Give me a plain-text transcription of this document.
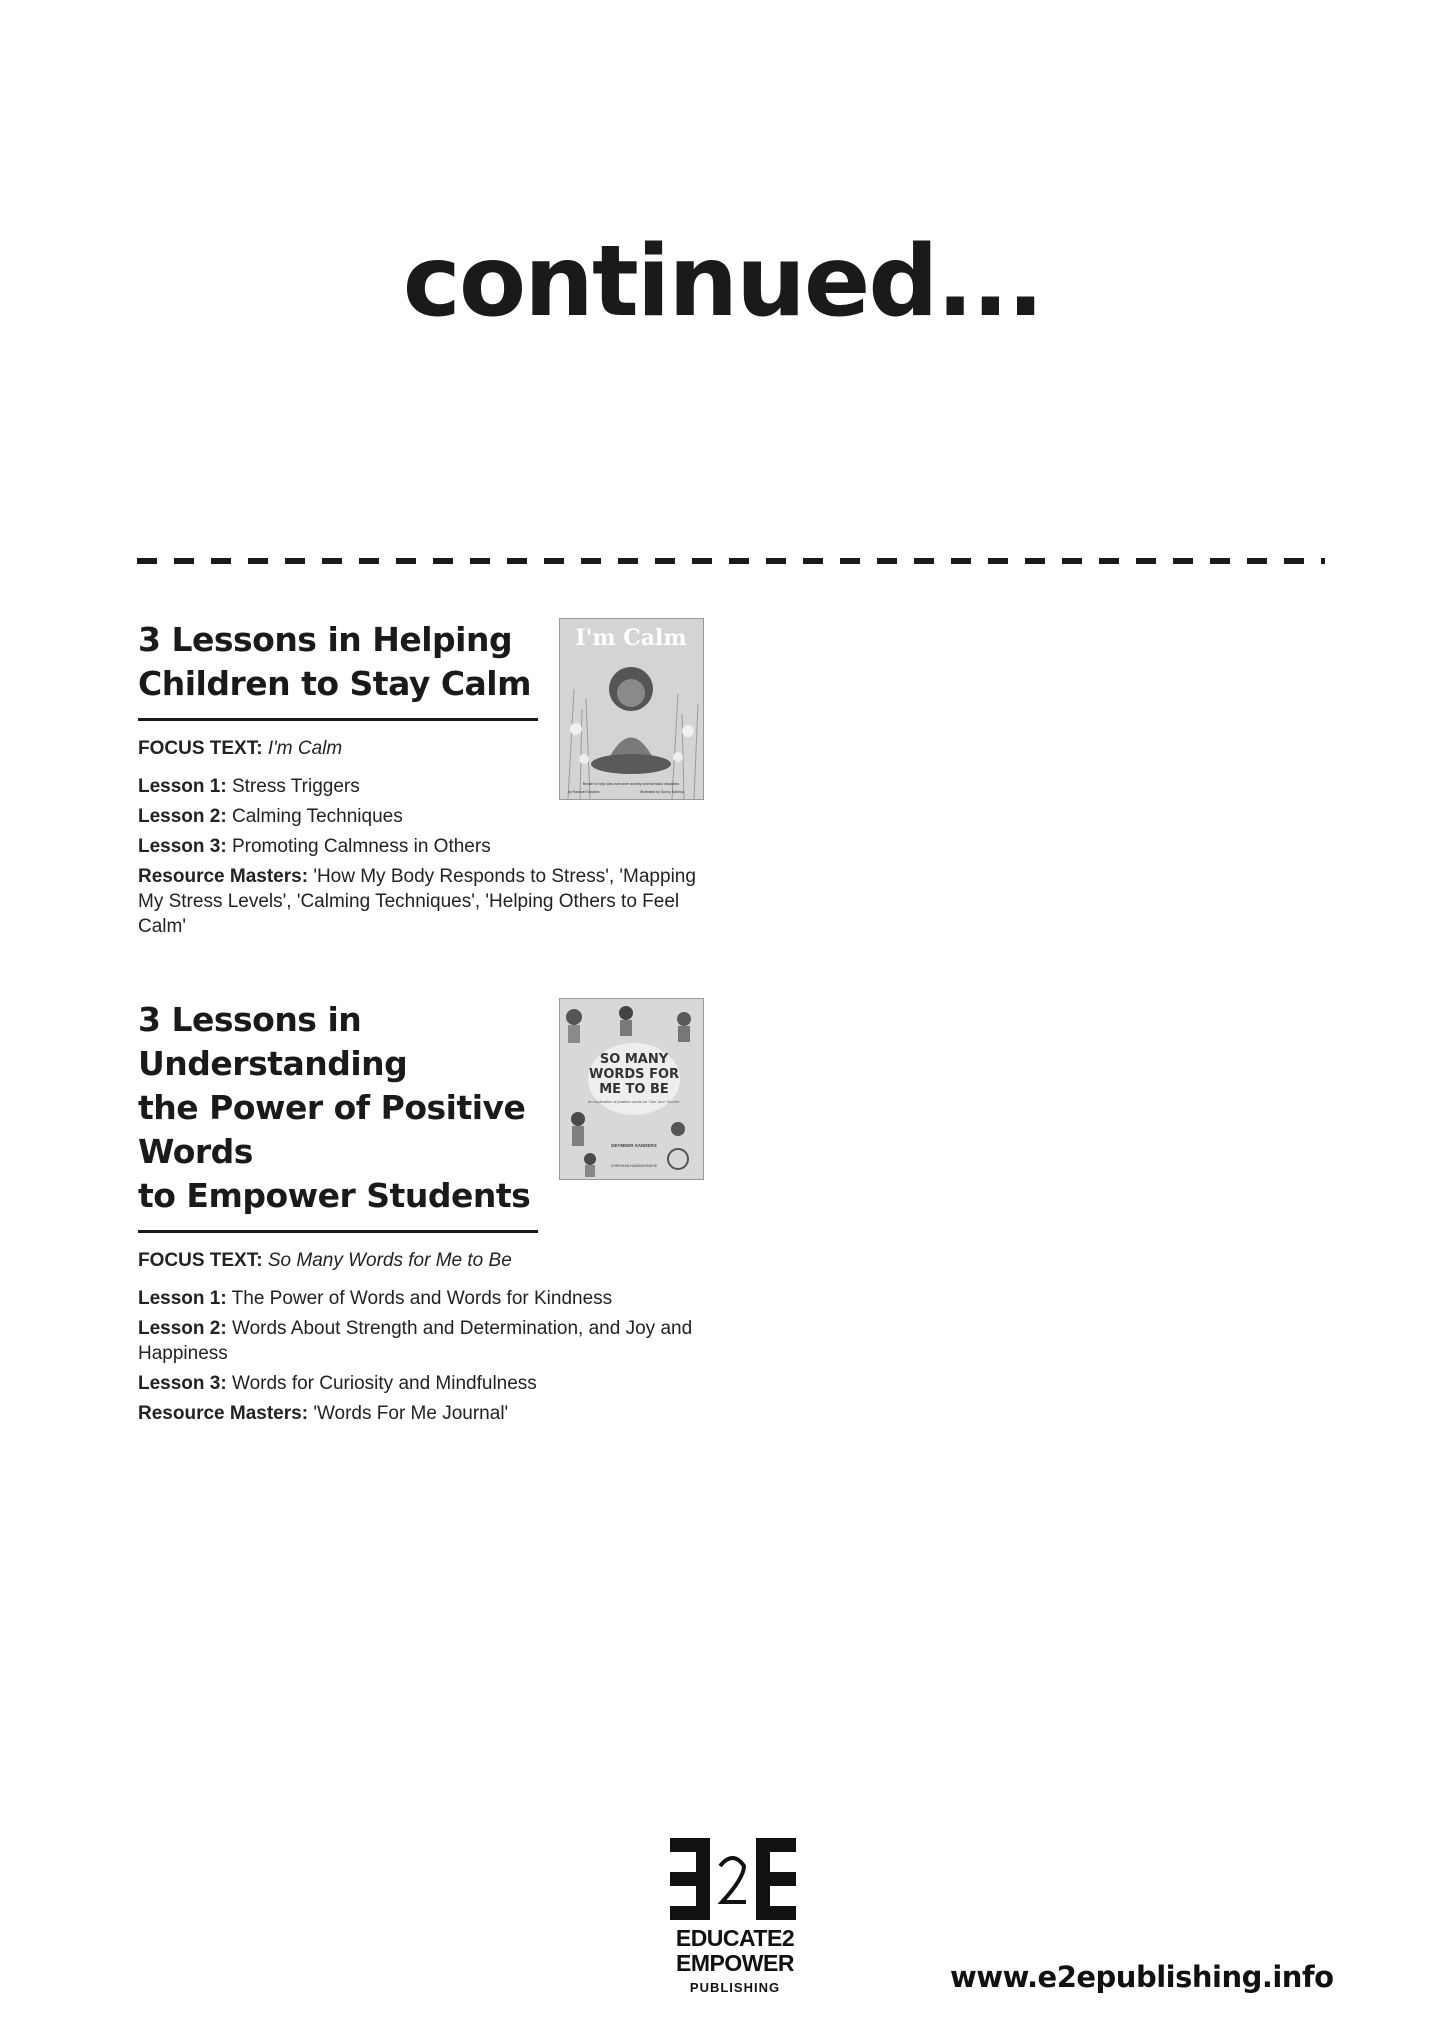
continued...
3 Lessons in Helping
Children to Stay Calm
FOCUS TEXT: I'm Calm
Lesson 1: Stress Triggers
Lesson 2: Calming Techniques
Lesson 3: Promoting Calmness in Others
Resource Masters: 'How My Body Responds to Stress', 'Mapping My Stress Levels', 'Calming Techniques', 'Helping Others to Feel Calm'
I'm Calm
Breath to help kids overcome anxiety and stressful situations
by Rachael Sanders	Illustrated by Sunny Sabrina
3 Lessons in Understanding
the Power of Positive Words
to Empower Students
FOCUS TEXT: So Many Words for Me to Be
Lesson 1: The Power of Words and Words for Kindness
Lesson 2: Words About Strength and Determination, and Joy and Happiness
Lesson 3: Words for Curiosity and Mindfulness
Resource Masters: 'Words For Me Journal'
SO MANY
WORDS FOR
ME TO BE
An exploration of positive words for 'I Am' and 'You Are'
DEYMEER SANDERS
CHRISHAN NAMBURINGHE
EDUCATE2
EMPOWER
PUBLISHING	www.e2epublishing.info
